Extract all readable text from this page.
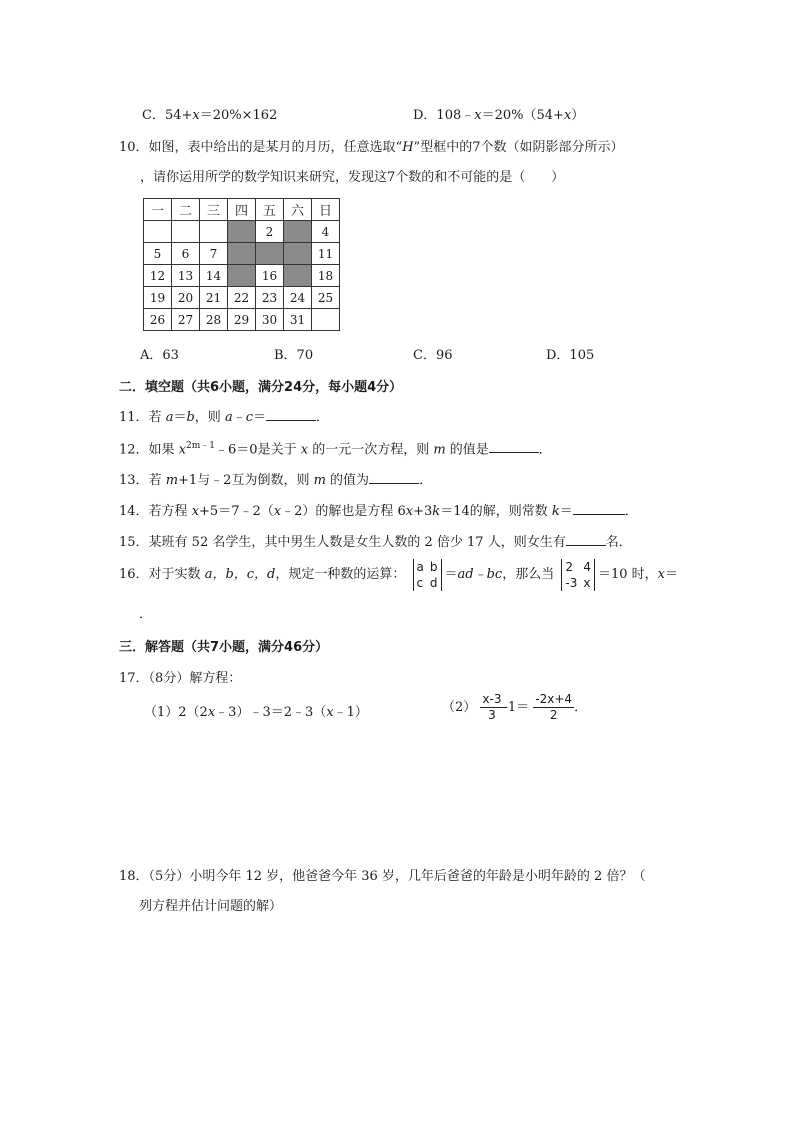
C．54+x＝20%×162	D．108﹣x＝20%（54+x）
10．如图，表中给出的是某月的月历，任意选取“H”型框中的7个数（如阴影部分所示）
，请你运用所学的数学知识来研究，发现这7个数的和不可能的是（　　）
一	二	三	四	五	六	日
				2		4
5	6	7				11
12	13	14		16		18
19	20	21	22	23	24	25
26	27	28	29	30	31	
A．63	B．70	C．96	D．105
二．填空题（共6小题，满分24分，每小题4分）
11．若 a＝b，则 a﹣c＝	．
12．如果 $x^{2m﹣1}﹣6=0$是关于 x 的一元一次方程，则 m 的值是	．
13．若 m+1与﹣2互为倒数，则 m 的值为	．
14．若方程 x+5＝7﹣2（x﹣2）的解也是方程 6x+3k＝14的解，则常数 k＝	．
15．某班有 52 名学生，其中男生人数是女生人数的 2 倍少 17 人，则女生有	名．
16．对于实数 a，b，c，d，规定一种数的运算：
a b
c d
＝ad﹣bc，那么当
2 4
-3 x
＝10 时，x＝
．
三．解答题（共7小题，满分46分）
17．（8分）解方程：
（1）2（2x﹣3）﹣3＝2﹣3（x﹣1）	$(2) \frac{x-3}{3} -1= \frac{-2x+4}{2}$ ．
18．（5分）小明今年 12 岁，他爸爸今年 36 岁，几年后爸爸的年龄是小明年龄的 2 倍？（
列方程并估计问题的解）
